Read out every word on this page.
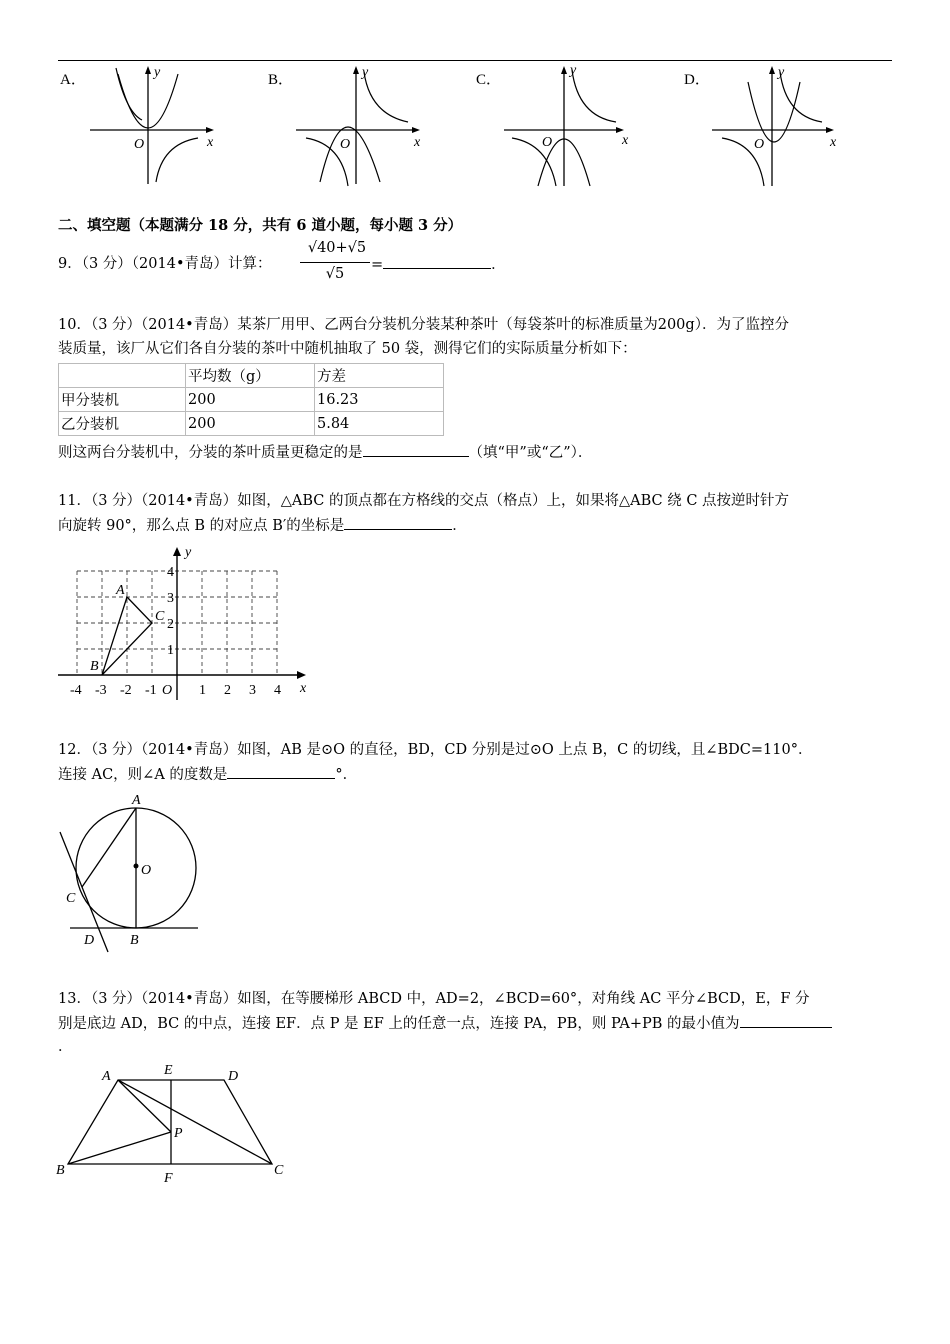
A．	B．	C．	D．
y
x
O
y
x
O
y
x
O
y
x
O
二、填空题（本题满分 18 分，共有 6 道小题，每小题 3 分）
9．（3 分）（2014•青岛）计算：
√40+√5
√5
=	．
10．（3 分）（2014•青岛）某茶厂用甲、乙两台分装机分装某种茶叶（每袋茶叶的标准质量为200g）．为了监控分
装质量，该厂从它们各自分装的茶叶中随机抽取了 50 袋，测得它们的实际质量分析如下：
	平均数（g）	方差
甲分装机	200	16.23
乙分装机	200	5.84
则这两台分装机中，分装的茶叶质量更稳定的是	（填“甲”或“乙”）．
11．（3 分）（2014•青岛）如图，△ABC 的顶点都在方格线的交点（格点）上，如果将△ABC 绕 C 点按逆时针方
向旋转 90°，那么点 B 的对应点 B′的坐标是	．
y
x
O
-4 -3 -2 -1	1 2 3 4
1
2
3
4
A
B
C
12．（3 分）（2014•青岛）如图，AB 是⊙O 的直径，BD，CD 分别是过⊙O 上点 B，C 的切线，且∠BDC=110°．
连接 AC，则∠A 的度数是	°．
A
O
C
D	B
13．（3 分）（2014•青岛）如图，在等腰梯形 ABCD 中，AD=2，∠BCD=60°，对角线 AC 平分∠BCD，E，F 分
别是底边 AD，BC 的中点，连接 EF．点 P 是 EF 上的任意一点，连接 PA，PB，则 PA+PB 的最小值为
．
A	E	D
P
B
F
C
